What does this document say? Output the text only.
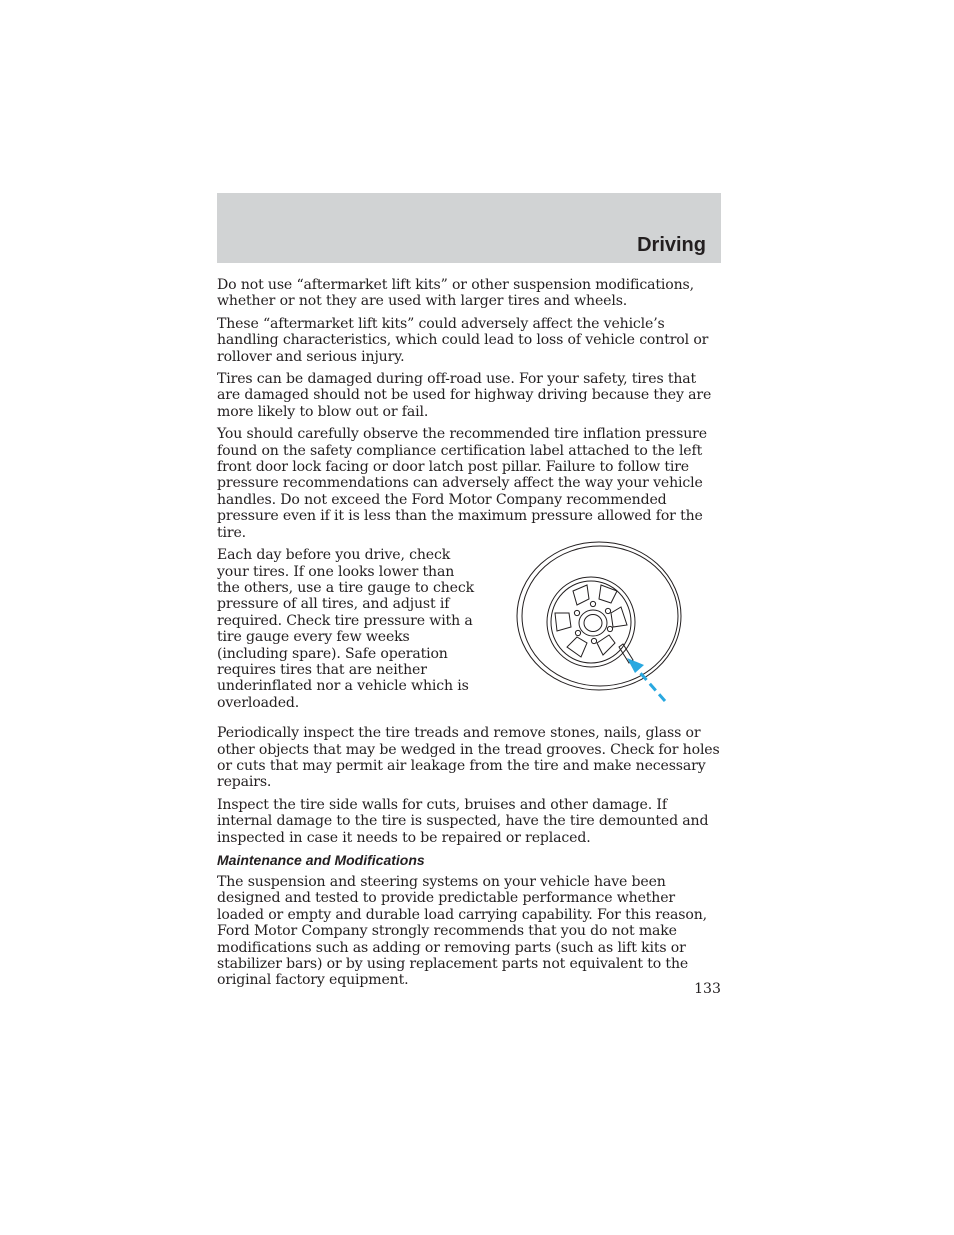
Driving

Do not use “aftermarket lift kits” or other suspension modifications, whether or not they are used with larger tires and wheels.

These “aftermarket lift kits” could adversely affect the vehicle’s handling characteristics, which could lead to loss of vehicle control or rollover and serious injury.

Tires can be damaged during off-road use. For your safety, tires that are damaged should not be used for highway driving because they are more likely to blow out or fail.

You should carefully observe the recommended tire inflation pressure found on the safety compliance certification label attached to the left front door lock facing or door latch post pillar. Failure to follow tire pressure recommendations can adversely affect the way your vehicle handles. Do not exceed the Ford Motor Company recommended pressure even if it is less than the maximum pressure allowed for the tire.

Each day before you drive, check your tires. If one looks lower than the others, use a tire gauge to check pressure of all tires, and adjust if required. Check tire pressure with a tire gauge every few weeks (including spare). Safe operation requires tires that are neither underinflated nor a vehicle which is overloaded.

Periodically inspect the tire treads and remove stones, nails, glass or other objects that may be wedged in the tread grooves. Check for holes or cuts that may permit air leakage from the tire and make necessary repairs.

Inspect the tire side walls for cuts, bruises and other damage. If internal damage to the tire is suspected, have the tire demounted and inspected in case it needs to be repaired or replaced.

Maintenance and Modifications

The suspension and steering systems on your vehicle have been designed and tested to provide predictable performance whether loaded or empty and durable load carrying capability. For this reason, Ford Motor Company strongly recommends that you do not make modifications such as adding or removing parts (such as lift kits or stabilizer bars) or by using replacement parts not equivalent to the original factory equipment.

133
